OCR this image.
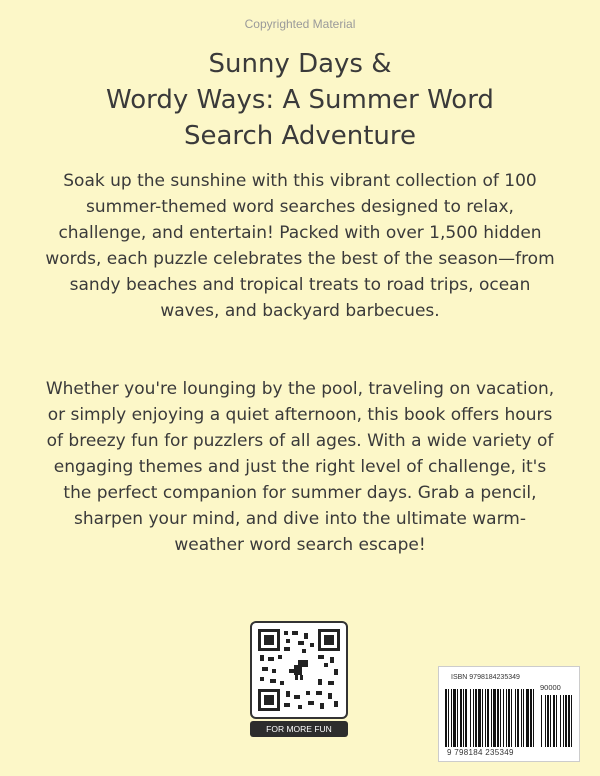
Copyrighted Material
Sunny Days &
Wordy Ways: A Summer Word
Search Adventure

Soak up the sunshine with this vibrant collection of 100 summer-themed word searches designed to relax, challenge, and entertain! Packed with over 1,500 hidden words, each puzzle celebrates the best of the season—from sandy beaches and tropical treats to road trips, ocean waves, and backyard barbecues.

Whether you're lounging by the pool, traveling on vacation, or simply enjoying a quiet afternoon, this book offers hours of breezy fun for puzzlers of all ages. With a wide variety of engaging themes and just the right level of challenge, it's the perfect companion for summer days. Grab a pencil, sharpen your mind, and dive into the ultimate warm-weather word search escape!

FOR MORE FUN
ISBN 9798184235349
90000
9 798184 235349
